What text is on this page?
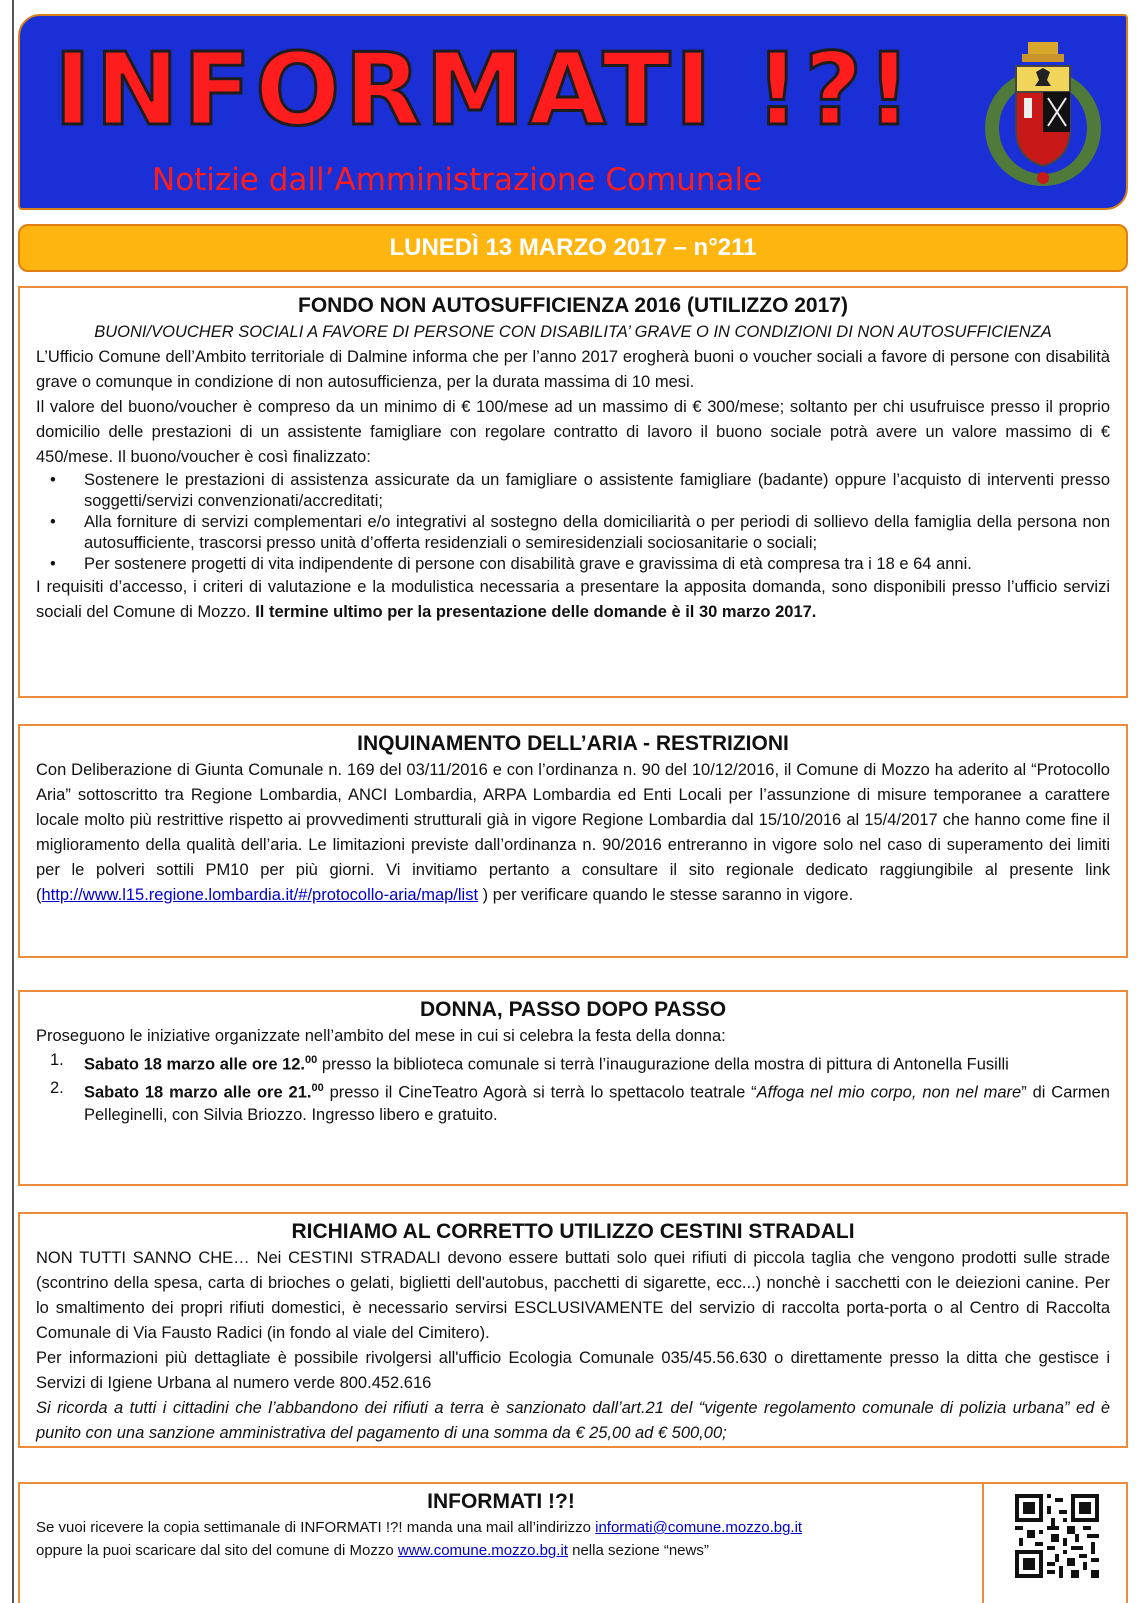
INFORMATI !?!
Notizie dall’Amministrazione Comunale
LUNEDÌ 13 MARZO 2017 – n°211
FONDO NON AUTOSUFFICIENZA 2016 (UTILIZZO 2017)

BUONI/VOUCHER SOCIALI A FAVORE DI PERSONE CON DISABILITA’ GRAVE O IN CONDIZIONI DI NON AUTOSUFFICIENZA

L’Ufficio Comune dell’Ambito territoriale di Dalmine informa che per l’anno 2017 erogherà buoni o voucher sociali a favore di persone con disabilità grave o comunque in condizione di non autosufficienza, per la durata massima di 10 mesi.

Il valore del buono/voucher è compreso da un minimo di € 100/mese ad un massimo di € 300/mese; soltanto per chi usufruisce presso il proprio domicilio delle prestazioni di un assistente famigliare con regolare contratto di lavoro il buono sociale potrà avere un valore massimo di € 450/mese. Il buono/voucher è così finalizzato:

• Sostenere le prestazioni di assistenza assicurate da un famigliare o assistente famigliare (badante) oppure l’acquisto di interventi presso soggetti/servizi convenzionati/accreditati;
• Alla forniture di servizi complementari e/o integrativi al sostegno della domiciliarità o per periodi di sollievo della famiglia della persona non autosufficiente, trascorsi presso unità d’offerta residenziali o semiresidenziali sociosanitarie o sociali;
• Per sostenere progetti di vita indipendente di persone con disabilità grave e gravissima di età compresa tra i 18 e 64 anni.

I requisiti d’accesso, i criteri di valutazione e la modulistica necessaria a presentare la apposita domanda, sono disponibili presso l’ufficio servizi sociali del Comune di Mozzo. Il termine ultimo per la presentazione delle domande è il 30 marzo 2017.

INQUINAMENTO DELL’ARIA - RESTRIZIONI

Con Deliberazione di Giunta Comunale n. 169 del 03/11/2016 e con l’ordinanza n. 90 del 10/12/2016, il Comune di Mozzo ha aderito al “Protocollo Aria” sottoscritto tra Regione Lombardia, ANCI Lombardia, ARPA Lombardia ed Enti Locali per l’assunzione di misure temporanee a carattere locale molto più restrittive rispetto ai provvedimenti strutturali già in vigore Regione Lombardia dal 15/10/2016 al 15/4/2017 che hanno come fine il miglioramento della qualità dell’aria. Le limitazioni previste dall’ordinanza n. 90/2016 entreranno in vigore solo nel caso di superamento dei limiti per le polveri sottili PM10 per più giorni. Vi invitiamo pertanto a consultare il sito regionale dedicato raggiungibile al presente link (http://www.l15.regione.lombardia.it/#/protocollo-aria/map/list ) per verificare quando le stesse saranno in vigore.

DONNA, PASSO DOPO PASSO

Proseguono le iniziative organizzate nell’ambito del mese in cui si celebra la festa della donna:

1. Sabato 18 marzo alle ore 12.00 presso la biblioteca comunale si terrà l’inaugurazione della mostra di pittura di Antonella Fusilli
2. Sabato 18 marzo alle ore 21.00 presso il CineTeatro Agorà si terrà lo spettacolo teatrale “Affoga nel mio corpo, non nel mare” di Carmen Pelleginelli, con Silvia Briozzo. Ingresso libero e gratuito.
RICHIAMO AL CORRETTO UTILIZZO CESTINI STRADALI

NON TUTTI SANNO CHE… Nei CESTINI STRADALI devono essere buttati solo quei rifiuti di piccola taglia che vengono prodotti sulle strade (scontrino della spesa, carta di brioches o gelati, biglietti dell'autobus, pacchetti di sigarette, ecc...) nonchè i sacchetti con le deiezioni canine. Per lo smaltimento dei propri rifiuti domestici, è necessario servirsi ESCLUSIVAMENTE del servizio di raccolta porta-porta o al Centro di Raccolta Comunale di Via Fausto Radici (in fondo al viale del Cimitero).

Per informazioni più dettagliate è possibile rivolgersi all'ufficio Ecologia Comunale 035/45.56.630 o direttamente presso la ditta che gestisce i Servizi di Igiene Urbana al numero verde 800.452.616

Si ricorda a tutti i cittadini che l’abbandono dei rifiuti a terra è sanzionato dall’art.21 del “vigente regolamento comunale di polizia urbana” ed è punito con una sanzione amministrativa del pagamento di una somma da € 25,00 ad € 500,00;

INFORMATI !?!

Se vuoi ricevere la copia settimanale di INFORMATI !?! manda una mail all’indirizzo informati@comune.mozzo.bg.it

oppure la puoi scaricare dal sito del comune di Mozzo www.comune.mozzo.bg.it nella sezione “news”
